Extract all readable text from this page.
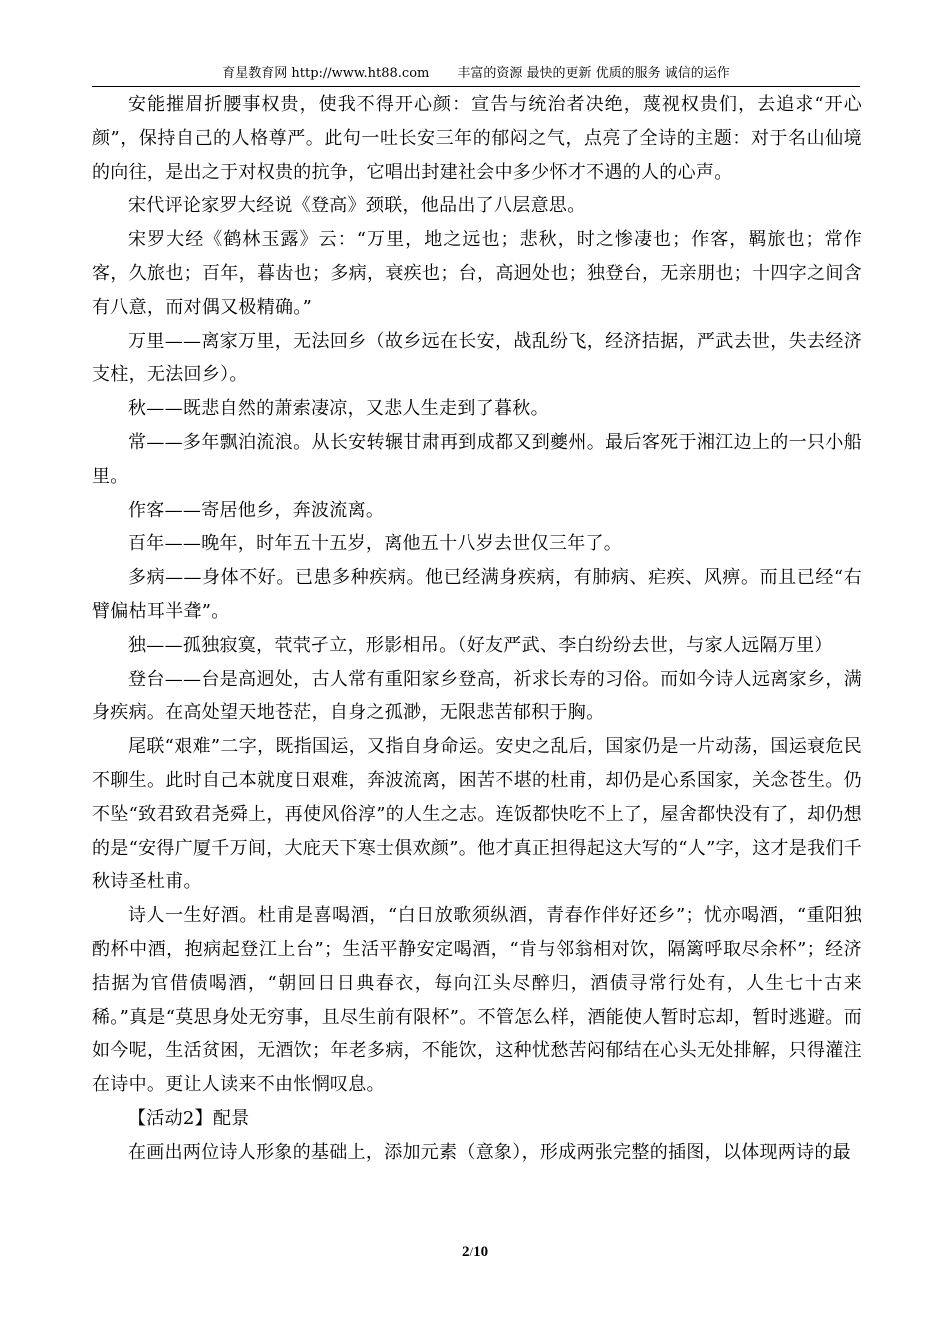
育星教育网 http://www.ht88.com 丰富的资源 最快的更新 优质的服务 诚信的运作

安能摧眉折腰事权贵，使我不得开心颜：宣告与统治者决绝，蔑视权贵们，去追求“开心颜”，保持自己的人格尊严。此句一吐长安三年的郁闷之气，点亮了全诗的主题：对于名山仙境的向往，是出之于对权贵的抗争，它唱出封建社会中多少怀才不遇的人的心声。

宋代评论家罗大经说《登高》颈联，他品出了八层意思。

宋罗大经《鹤林玉露》云：“万里，地之远也；悲秋，时之惨凄也；作客，羁旅也；常作客，久旅也；百年，暮齿也；多病，衰疾也；台，高迥处也；独登台，无亲朋也；十四字之间含有八意，而对偶又极精确。”

万里——离家万里，无法回乡（故乡远在长安，战乱纷飞，经济拮据，严武去世，失去经济支柱，无法回乡）。

秋——既悲自然的萧索凄凉，又悲人生走到了暮秋。

常——多年飘泊流浪。从长安转辗甘肃再到成都又到夔州。最后客死于湘江边上的一只小船里。

作客——寄居他乡，奔波流离。

百年——晚年，时年五十五岁，离他五十八岁去世仅三年了。

多病——身体不好。已患多种疾病。他已经满身疾病，有肺病、疟疾、风痹。而且已经“右臂偏枯耳半聋”。

独——孤独寂寞，茕茕孑立，形影相吊。（好友严武、李白纷纷去世，与家人远隔万里）

登台——台是高迥处，古人常有重阳家乡登高，祈求长寿的习俗。而如今诗人远离家乡，满身疾病。在高处望天地苍茫，自身之孤渺，无限悲苦郁积于胸。

尾联“艰难”二字，既指国运，又指自身命运。安史之乱后，国家仍是一片动荡，国运衰危民不聊生。此时自己本就度日艰难，奔波流离，困苦不堪的杜甫，却仍是心系国家，关念苍生。仍不坠“致君致君尧舜上，再使风俗淳”的人生之志。连饭都快吃不上了，屋舍都快没有了，却仍想的是“安得广厦千万间，大庇天下寒士俱欢颜”。他才真正担得起这大写的“人”字，这才是我们千秋诗圣杜甫。

诗人一生好酒。杜甫是喜喝酒，“白日放歌须纵酒，青春作伴好还乡”；忧亦喝酒，“重阳独酌杯中酒，抱病起登江上台”；生活平静安定喝酒，“肯与邻翁相对饮，隔篱呼取尽余杯”；经济拮据为官借债喝酒，“朝回日日典春衣，每向江头尽醉归，酒债寻常行处有，人生七十古来稀。”真是“莫思身处无穷事，且尽生前有限杯”。不管怎么样，酒能使人暂时忘却，暂时逃避。而如今呢，生活贫困，无酒饮；年老多病，不能饮，这种忧愁苦闷郁结在心头无处排解，只得灌注在诗中。更让人读来不由怅惘叹息。

【活动2】配景

在画出两位诗人形象的基础上，添加元素（意象），形成两张完整的插图，以体现两诗的最

2/10
